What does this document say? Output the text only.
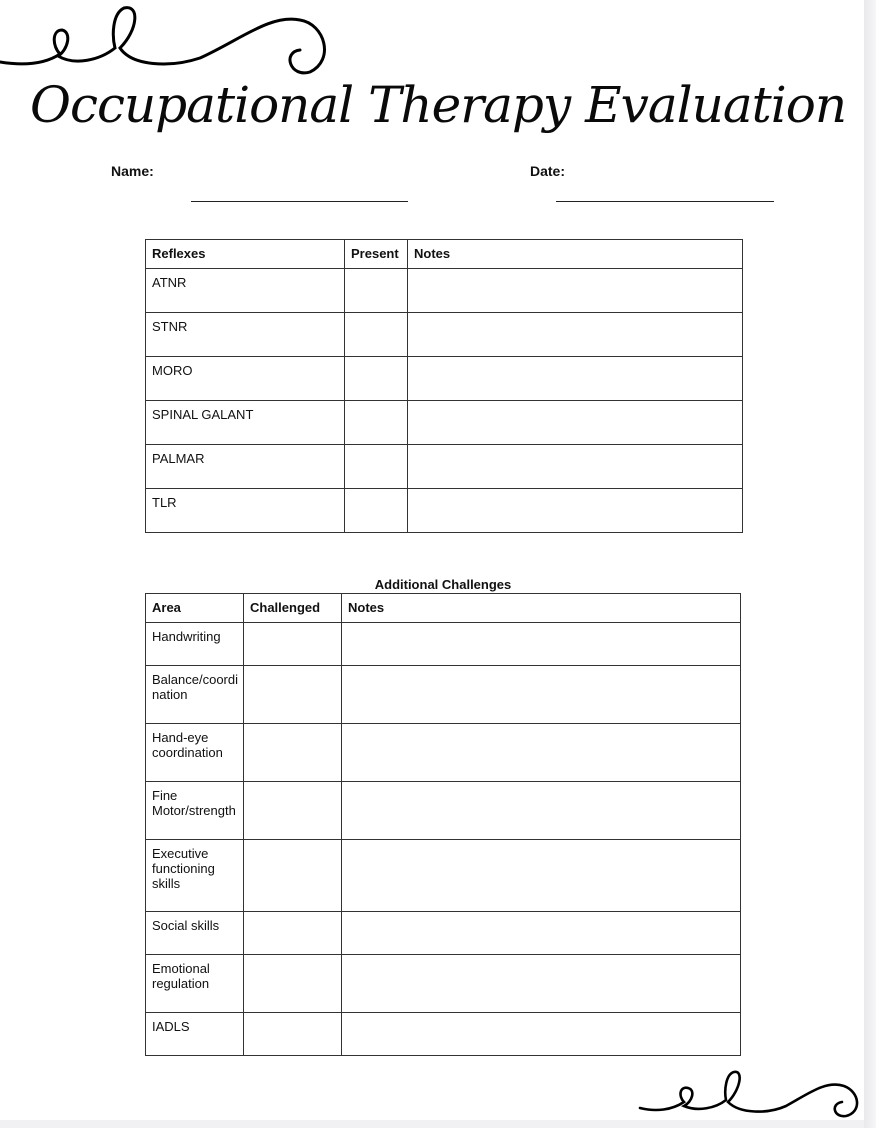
Occupational Therapy Evaluation
Name:	Date:
Reflexes	Present	Notes
ATNR		
STNR		
MORO		
SPINAL GALANT		
PALMAR		
TLR		
Additional Challenges
Area	Challenged	Notes
Handwriting		
Balance/coordi nation		
Hand-eye coordination		
Fine Motor/strength		
Executive functioning skills		
Social skills		
Emotional regulation		
IADLS		
